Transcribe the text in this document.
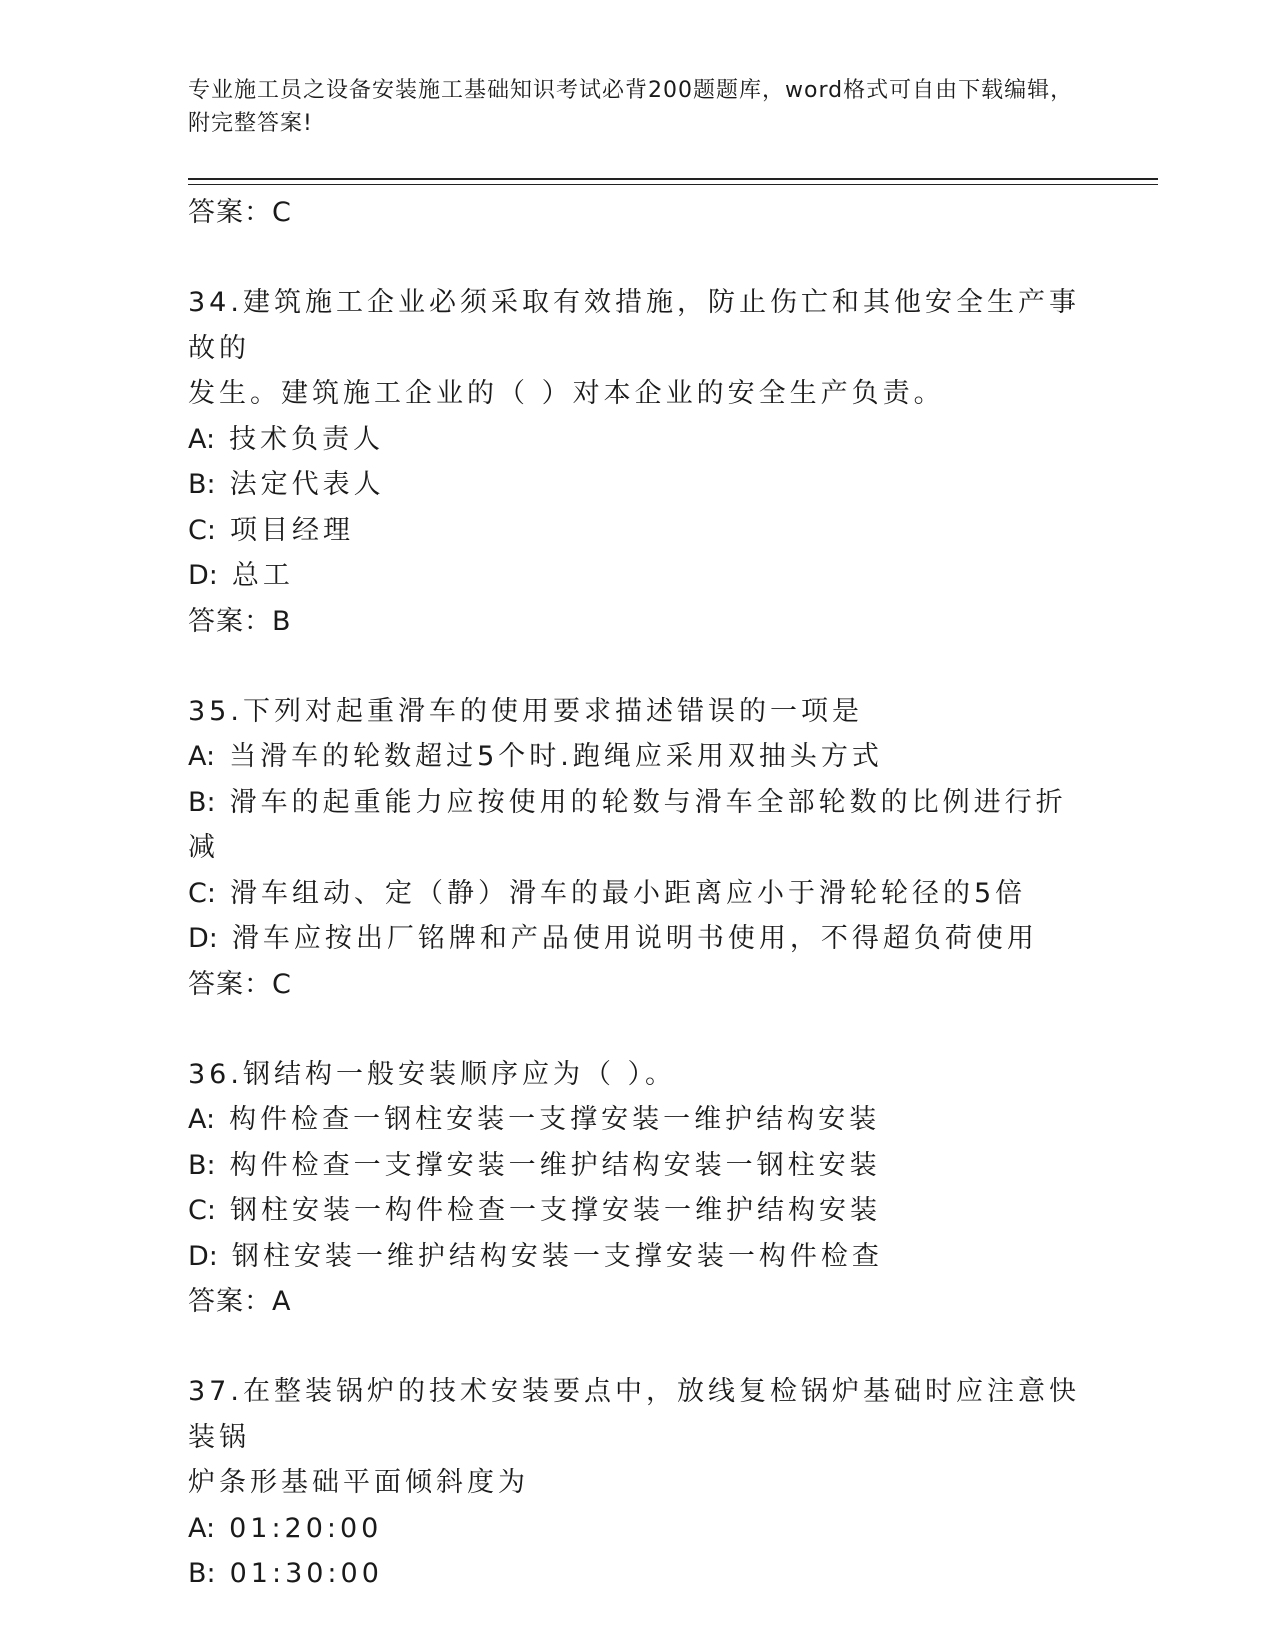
专业施工员之设备安装施工基础知识考试必背200题题库，word格式可自由下载编辑，附完整答案!

答案：C

34.建筑施工企业必须采取有效措施，防止伤亡和其他安全生产事故的

发生。建筑施工企业的（ ）对本企业的安全生产负责。

A: 技术负责人

B: 法定代表人

C: 项目经理

D: 总工

答案：B

35.下列对起重滑车的使用要求描述错误的一项是

A: 当滑车的轮数超过5个时.跑绳应采用双抽头方式

B: 滑车的起重能力应按使用的轮数与滑车全部轮数的比例进行折减

C: 滑车组动、定（静）滑车的最小距离应小于滑轮轮径的5倍

D: 滑车应按出厂铭牌和产品使用说明书使用，不得超负荷使用

答案：C

36.钢结构一般安装顺序应为（ ）。

A: 构件检查一钢柱安装一支撑安装一维护结构安装

B: 构件检查一支撑安装一维护结构安装一钢柱安装

C: 钢柱安装一构件检查一支撑安装一维护结构安装

D: 钢柱安装一维护结构安装一支撑安装一构件检查

答案：A

37.在整装锅炉的技术安装要点中，放线复检锅炉基础时应注意快装锅

炉条形基础平面倾斜度为

A: 01:20:00

B: 01:30:00
